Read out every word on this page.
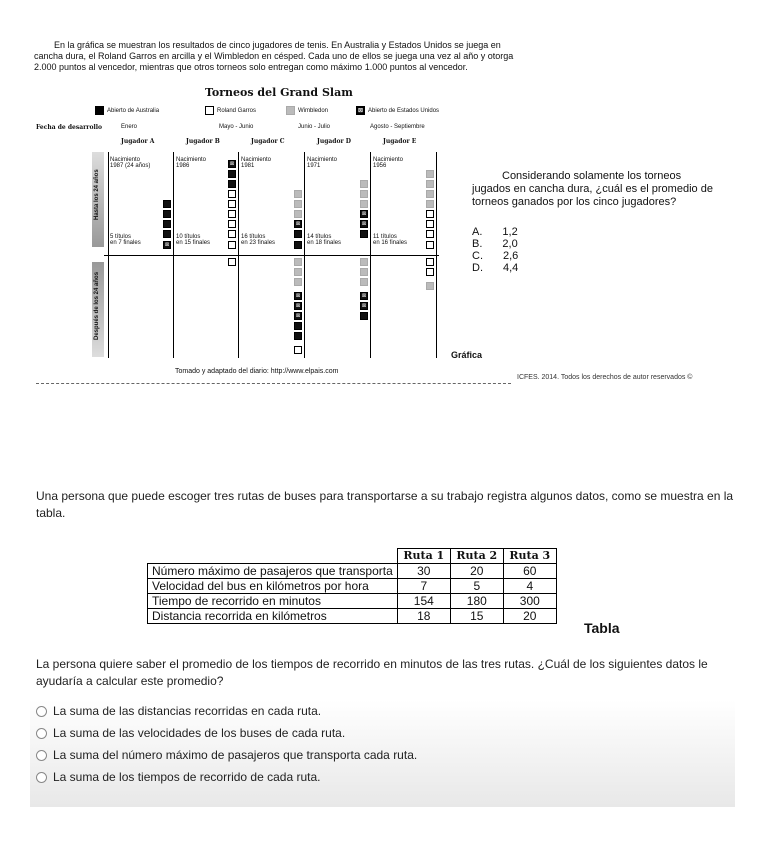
En la gráfica se muestran los resultados de cinco jugadores de tenis. En Australia y Estados Unidos se juega en cancha dura, el Roland Garros en arcilla y el Wimbledon en césped. Cada uno de ellos se juega una vez al año y otorga 2.000 puntos al vencedor, mientras que otros torneos solo entregan como máximo 1.000 puntos al vencedor.

Torneos del Grand Slam
Abierto de Australia	Roland Garros	Wimbledon	⊠ Abierto de Estados Unidos
Fecha de desarrollo	Enero	Mayo - Junio	Junio - Julio	Agosto - Septiembre
Jugador A	Jugador B	Jugador C	Jugador D	Jugador E
Hasta los 24 años
Después de los 24 años
Nacimiento
1987 (24 años)
Nacimiento
1986
Nacimiento
1981
Nacimiento
1971
Nacimiento
1956
5 títulos
en 7 finales
10 títulos
en 15 finales
16 títulos
en 23 finales
14 títulos
en 18 finales
11 títulos
en 16 finales
⊠
⊠
⊠
⊠
⊠
⊠
⊠
⊠
⊠
⊠
Gráfica
Tomado y adaptado del diario: http://www.elpais.com
ICFES. 2014. Todos los derechos de autor reservados ©

Considerando solamente los torneos jugados en cancha dura, ¿cuál es el promedio de torneos ganados por los cinco jugadores?

A. 1,2
B. 2,0
C. 2,6
D. 4,4
Una persona que puede escoger tres rutas de buses para transportarse a su trabajo registra algunos datos, como se muestra en la tabla.
	Ruta 1	Ruta 2	Ruta 3
Número máximo de pasajeros que transporta	30	20	60
Velocidad del bus en kilómetros por hora	7	5	4
Tiempo de recorrido en minutos	154	180	300
Distancia recorrida en kilómetros	18	15	20
Tabla
La persona quiere saber el promedio de los tiempos de recorrido en minutos de las tres rutas. ¿Cuál de los siguientes datos le ayudaría a calcular este promedio?
La suma de las distancias recorridas en cada ruta.
La suma de las velocidades de los buses de cada ruta.
La suma del número máximo de pasajeros que transporta cada ruta.
La suma de los tiempos de recorrido de cada ruta.
